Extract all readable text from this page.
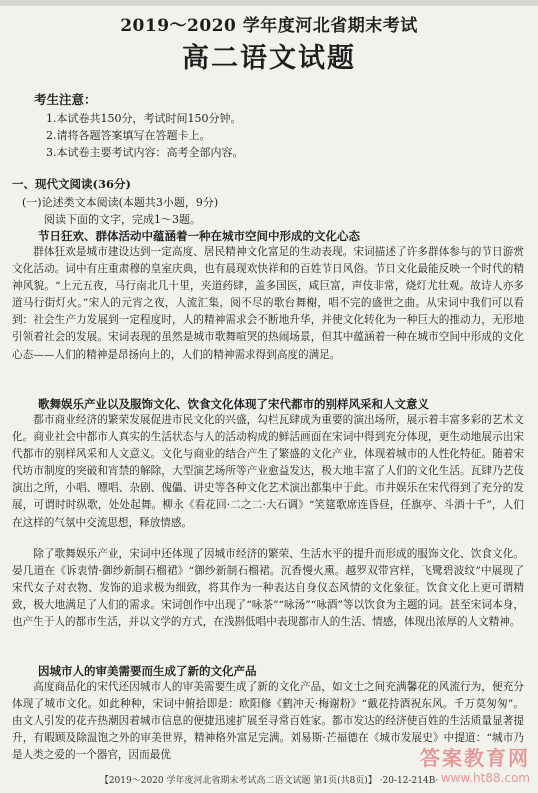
2019～2020 学年度河北省期末考试
高二语文试题
考生注意：
1.本试卷共150分，考试时间150分钟。
2.请将各题答案填写在答题卡上。
3.本试卷主要考试内容：高考全部内容。
一、现代文阅读(36分)
(一)论述类文本阅读(本题共3小题，9分)
阅读下面的文字，完成1～3题。
节日狂欢、群体活动中蕴涵着一种在城市空间中形成的文化心态
群体狂欢是城市建设达到一定高度、居民精神文化富足的生动表现。宋词描述了许多群体参与的节日游赏文化活动。词中有庄重肃穆的皇室庆典，也有晨现欢快祥和的百姓节日风俗。节日文化最能反映一个时代的精神风貌。“上元五夜，马行南北几十里，夹道药肆，盖多国医，咸巨富，声伎非常，烧灯尤壮观。故诗人亦多道马行街灯火。”宋人的元宵之夜，人流汇集，阅不尽的歌台舞榭，唱不完的盛世之曲。从宋词中我们可以看到：社会生产力发展到一定程度时，人的精神需求会不断地升华，并使文化转化为一种巨大的推动力，无形地引领着社会的发展。宋词表现的虽然是城市歌舞喧哭的热闹场景，但其中蕴涵着一种在城市空间中形成的文化心态——人们的精神是昂扬向上的，人们的精神需求得到高度的满足。
歌舞娱乐产业以及服饰文化、饮食文化体现了宋代都市的别样风采和人文意义
都市商业经济的繁荣发展促进市民文化的兴盛，勾栏瓦肆成为重要的演出场所，展示着丰富多彩的艺术文化。商业社会中都市人真实的生活状态与人的活动构成的鲜活画面在宋词中得到充分体现，更生动地展示出宋代都市的别样风采和人文意义。文化与商业的结合产生了繁盛的文化产业，体现着城市的人性化特征。随着宋代坊市制度的突破和宵禁的解除，大型演艺场所等产业愈益发达，极大地丰富了人们的文化生活。瓦肆乃艺伎演出之所，小唱、嘌唱、杂剧、傀儡、讲史等各种文化艺术演出都集中于此。市井娱乐在宋代得到了充分的发展，可谓时时纵歌，处处起舞。柳永《看花回·二之二·大石调》“笑筵歌席连昏昼，任旗亭、斗酒十千”，人们在这样的气氛中交流思想，释放情感。
除了歌舞娱乐产业，宋词中还体现了因城市经济的繁荣、生活水平的提升而形成的服饰文化、饮食文化。晏几道在《诉衷情·御纱新制石榴裙》“御纱新制石榴裙。沉香慢火熏。越罗双带宫样，飞鹭碧波纹”中展现了宋代女子对衣物、发饰的追求极为细致，将其作为一种表达自身仪态风情的文化象征。饮食文化上更可谓精致，极大地满足了人们的需求。宋词创作中出现了“咏茶”“咏汤”“咏酒”等以饮食为主题的词。甚至宋词本身，也产生于人的都市生活，并以文学的方式，在浅斟低唱中表现都市人的生活、情感，体现出浓厚的人文精神。
因城市人的审美需要而生成了新的文化产品
高度商品化的宋代还因城市人的审美需要生成了新的文化产品，如文士之间充满馨花的风流行为，便充分体现了城市文化。如此种种，宋词中俯拾即是：欧阳修《鹤冲天·梅谢粉》“戴花持酒祝东风。千万莫匆匆”。由文人引发的花卉热潮因着城市信息的便捷迅速扩展至寻常百姓家。都市发达的经济使百姓的生活质量显著提升，有暇顾及除温饱之外的审美世界，精神格外富足完满。刘易斯·芒福德在《城市发展史》中提道：“城市乃是人类之爱的一个器官，因而最优
【2019～2020 学年度河北省期末考试高二语文试题 第1页(共8页)】 ·20-12-214B·
答案教育网
www.ht88.com
